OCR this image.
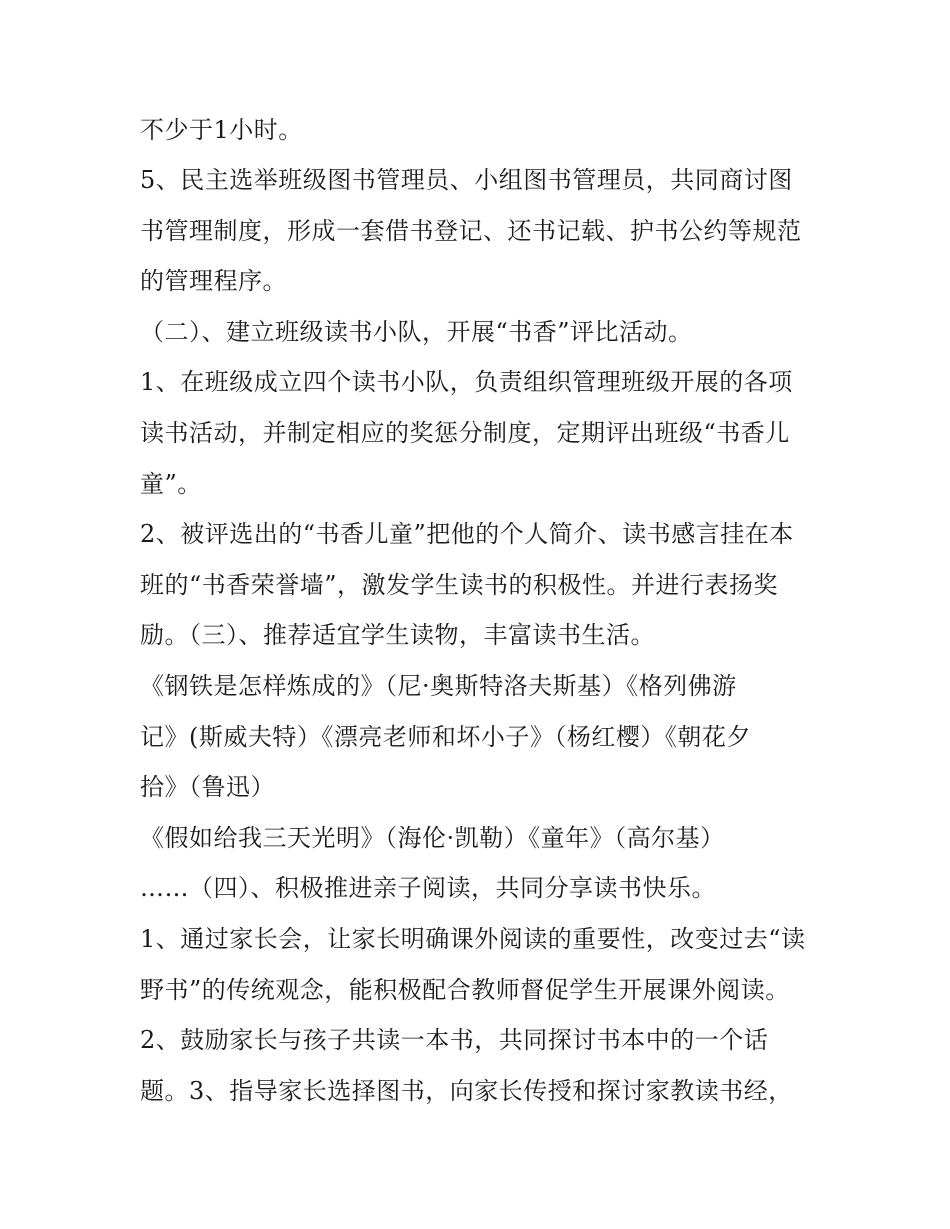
不少于1小时。
5、民主选举班级图书管理员、小组图书管理员，共同商讨图
书管理制度，形成一套借书登记、还书记载、护书公约等规范
的管理程序。
（二）、建立班级读书小队，开展“书香”评比活动。
1、在班级成立四个读书小队，负责组织管理班级开展的各项
读书活动，并制定相应的奖惩分制度，定期评出班级“书香儿
童”。
2、被评选出的“书香儿童”把他的个人简介、读书感言挂在本
班的“书香荣誉墙”，激发学生读书的积极性。并进行表扬奖
励。（三）、推荐适宜学生读物，丰富读书生活。
《钢铁是怎样炼成的》（尼·奥斯特洛夫斯基）《格列佛游
记》(斯威夫特）《漂亮老师和坏小子》（杨红樱）《朝花夕
拾》（鲁迅）
《假如给我三天光明》（海伦·凯勒）《童年》（高尔基）
……（四）、积极推进亲子阅读，共同分享读书快乐。
1、通过家长会，让家长明确课外阅读的重要性，改变过去“读
野书”的传统观念，能积极配合教师督促学生开展课外阅读。
2、鼓励家长与孩子共读一本书，共同探讨书本中的一个话
题。3、指导家长选择图书，向家长传授和探讨家教读书经，
